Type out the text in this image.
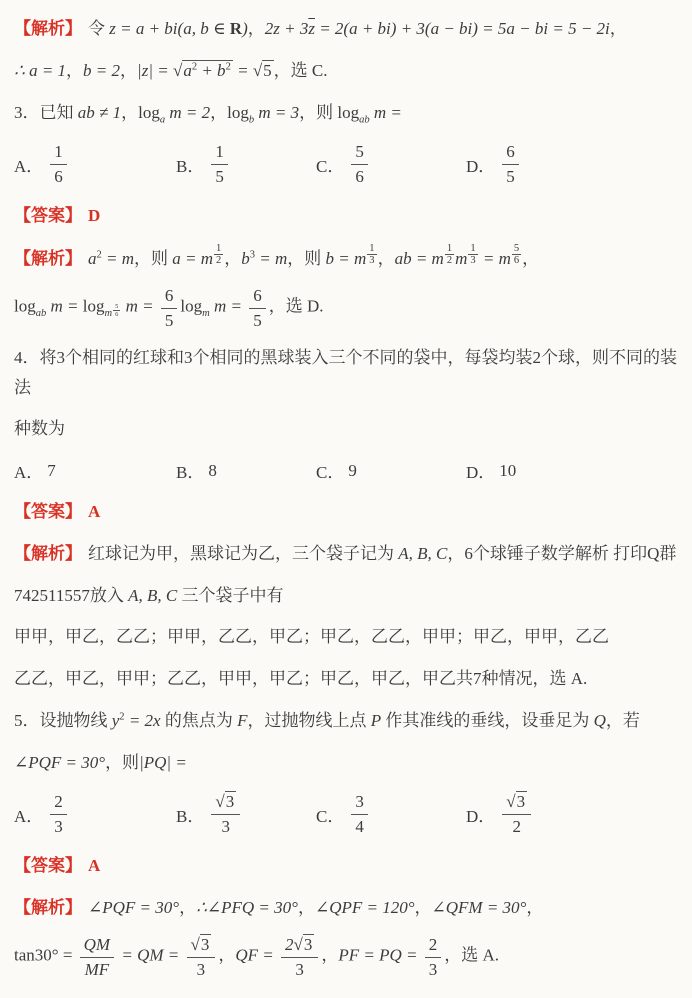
【解析】 令 z = a + bi(a, b ∈ R)，$2z + 3\overline{z} = 2(a + bi) + 3(a - bi) = 5a$ − bi = 5 − 2i，
∴ a = 1，b = 2，$|z| = √a^2 + b^2 = √5$ ，选 C.
3．已知 ab ≠ 1，$\log_a m = 2$，$\log_b m = 3$，则 $\log_{ab} m$ =
A． $\frac{1}{6}$	B． $\frac{1}{5}$	C． $\frac{5}{6}$	D． $\frac{6}{5}$
【答案】 D
【解析】 $a^2 = m$，则 a = m $^{\frac{1}{2}}$ ，$b^3 = m$，则 b = m $^{\frac{1}{3}}$ ，ab = m $^{\frac{1}{2}}$ m $^{\frac{1}{3}}$ = m $^{\frac{5}{6}}$ ，
$\log_{ab} m = \log_{m ^{\frac{5}{6}}} m = \frac{6}{5} \log_m m = \frac{6}{5}$ ，选 D.
4．将3个相同的红球和3个相同的黑球装入三个不同的袋中，每袋均装2个球，则不同的装法
种数为
A． 7	B． 8	C． 9	D． 10
【答案】 A
【解析】 红球记为甲，黑球记为乙，三个袋子记为 A, B, C，6个球锤子数学解析 打印Q群
742511557放入 A, B, C 三个袋子中有
甲甲，甲乙，乙乙；甲甲，乙乙，甲乙；甲乙，乙乙，甲甲；甲乙，甲甲，乙乙
乙乙，甲乙，甲甲；乙乙，甲甲，甲乙；甲乙，甲乙，甲乙共7种情况，选 A.
5．设抛物线 $y^2 = 2x$ 的焦点为 F，过抛物线上点 P 作其准线的垂线，设垂足为 Q，若
∠PQF = 30°，则|PQ| =
A． $\frac{2}{3}$	B． $\frac{√3}{3}$	C． $\frac{3}{4}$	D． $\frac{√3}{2}$
【答案】 A
【解析】 ∠PQF = 30°，∴∠PFQ = 30°，∠QPF = 120°，∠QFM = 30°，
$\tan 30^\circ = \frac{QM}{MF}$ = QM = $\frac{√3}{3}$ ，QF = $\frac{2√3}{3}$ ，PF = PQ = $\frac{2}{3}$ ，选 A.
